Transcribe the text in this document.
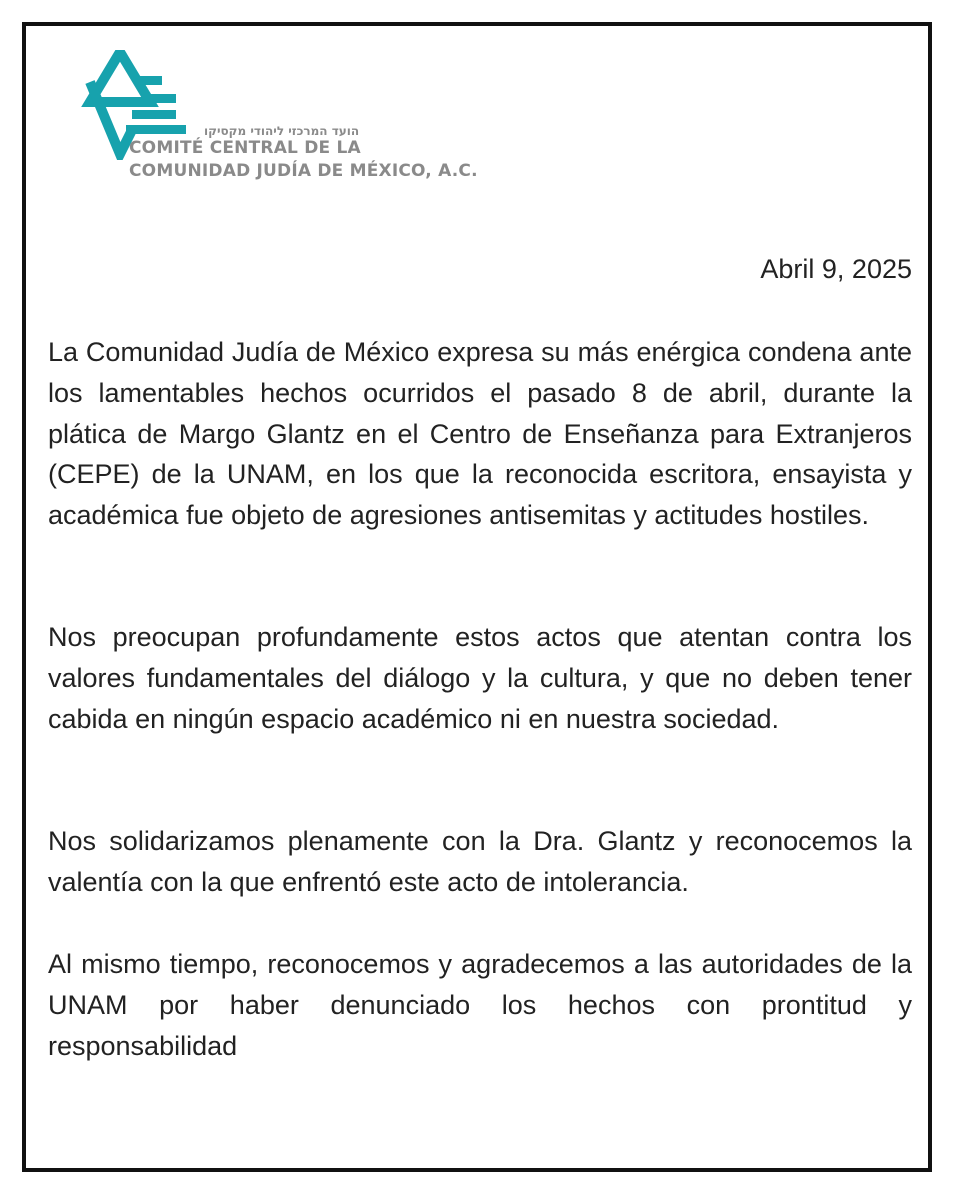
הועד המרכזי ליהודי מקסיקו
COMITÉ CENTRAL DE LA
COMUNIDAD JUDÍA DE MÉXICO, A.C.
Abril 9, 2025

La Comunidad Judía de México expresa su más enérgica condena ante los lamentables hechos ocurridos el pasado 8 de abril, durante la plática de Margo Glantz en el Centro de Enseñanza para Extranjeros (CEPE) de la UNAM, en los que la reconocida escritora, ensayista y académica fue objeto de agresiones antisemitas y actitudes hostiles.

Nos preocupan profundamente estos actos que atentan contra los valores fundamentales del diálogo y la cultura, y que no deben tener cabida en ningún espacio académico ni en nuestra sociedad.

Nos solidarizamos plenamente con la Dra. Glantz y reconocemos la valentía con la que enfrentó este acto de intolerancia.

Al mismo tiempo, reconocemos y agradecemos a las autoridades de la UNAM por haber denunciado los hechos con prontitud y responsabilidad
